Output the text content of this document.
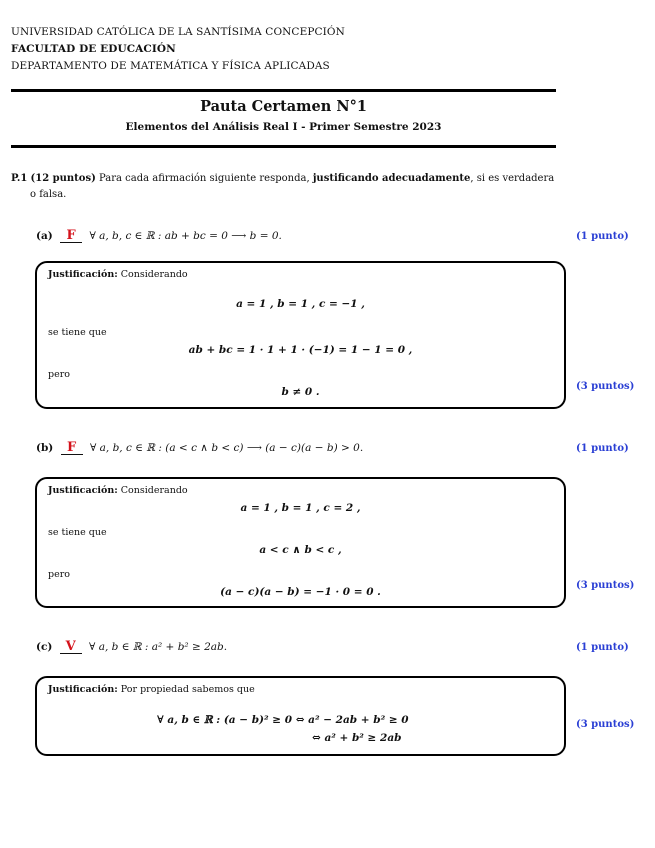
UNIVERSIDAD CATÓLICA DE LA SANTÍSIMA CONCEPCIÓN
FACULTAD DE EDUCACIÓN
DEPARTAMENTO DE MATEMÁTICA Y FÍSICA APLICADAS
Pauta Certamen N°1
Elementos del Análisis Real I - Primer Semestre 2023
P.1 (12 puntos) Para cada afirmación siguiente responda, justificando adecuadamente, si es verdadera
o falsa.
(a) F ∀ a, b, c ∈ ℝ : ab + bc = 0 ⟶ b = 0.	(1 punto)
Justificación: Considerando
a = 1 , b = 1 , c = −1 ,
se tiene que
ab + bc = 1 · 1 + 1 · (−1) = 1 − 1 = 0 ,
pero
b ≠ 0 .	(3 puntos)
(b) F ∀ a, b, c ∈ ℝ : (a < c ∧ b < c) ⟶ (a − c)(a − b) > 0.	(1 punto)
Justificación: Considerando
a = 1 , b = 1 , c = 2 ,
se tiene que
a < c ∧ b < c ,
pero
(a − c)(a − b) = −1 · 0 = 0 .
(3 puntos)
(c) V ∀ a, b ∈ ℝ : a² + b² ≥ 2ab.	(1 punto)
Justificación: Por propiedad sabemos que
∀ a, b ∈ ℝ : (a − b)² ≥ 0 ⇔ a² − 2ab + b² ≥ 0
⇔ a² + b² ≥ 2ab
(3 puntos)
